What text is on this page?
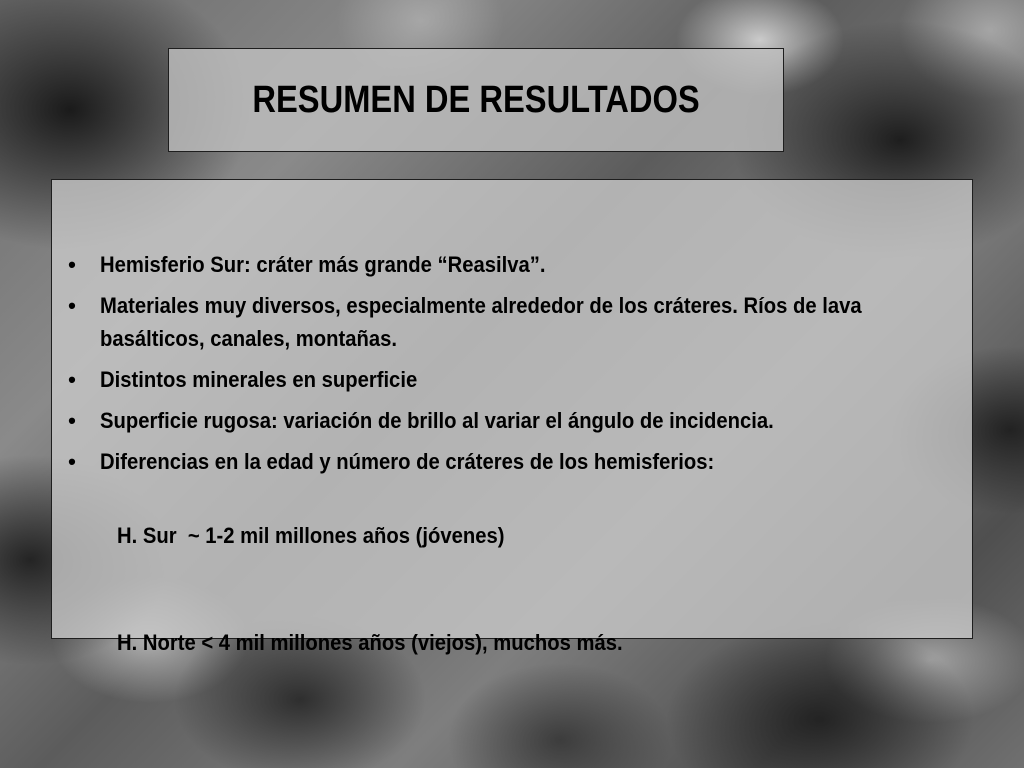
RESUMEN DE RESULTADOS
• Hemisferio Sur: cráter más grande “Reasilva”.
• Materiales muy diversos, especialmente alrededor de los cráteres. Ríos de lava basálticos, canales, montañas.
• Distintos minerales en superficie
• Superficie rugosa: variación de brillo al variar el ángulo de incidencia.
• Diferencias en la edad y número de cráteres de los hemisferios:

H. Sur  ~ 1-2 mil millones años (jóvenes)

H. Norte < 4 mil millones años (viejos), muchos más.
